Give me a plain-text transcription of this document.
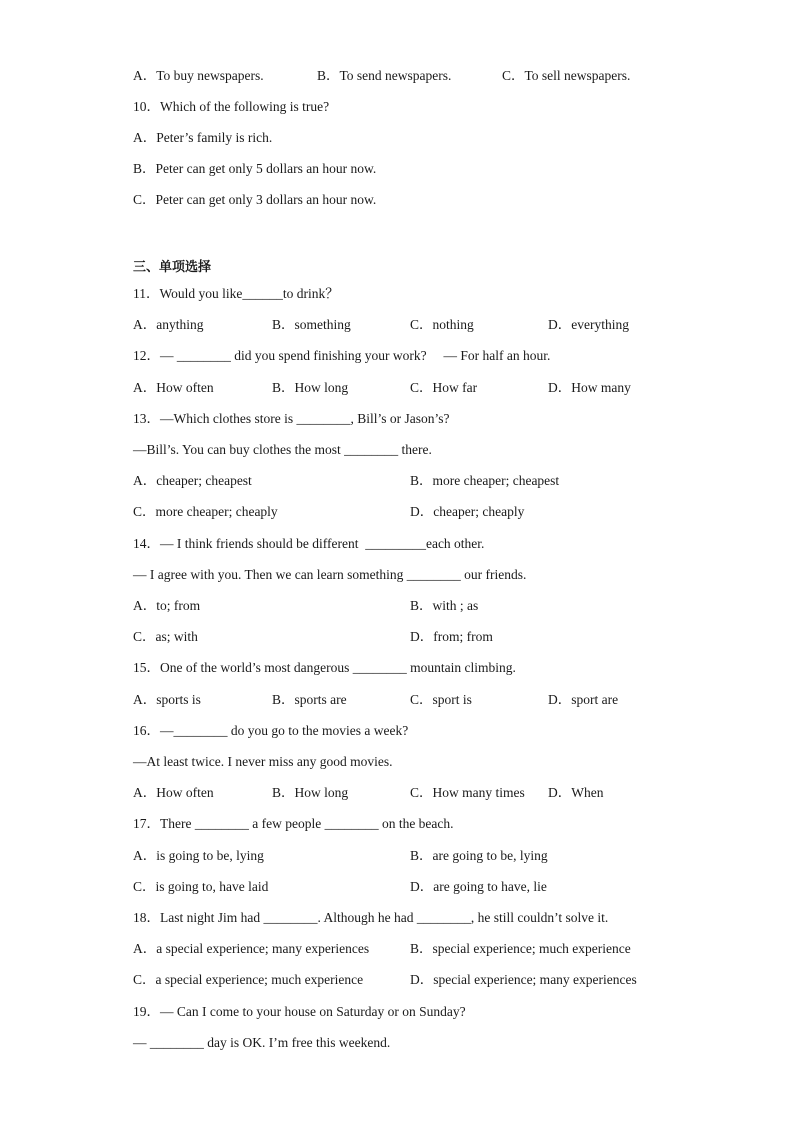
A．To buy newspapers.	B．To send newspapers.	C．To sell newspapers.
10．Which of the following is true?
A．Peter’s family is rich.
B．Peter can get only 5 dollars an hour now.
C．Peter can get only 3 dollars an hour now.
三、单项选择
11．Would you like______to drink？
A．anything	B．something	C．nothing	D．everything
12．— ________ did you spend finishing your work?     — For half an hour.
A．How often	B．How long	C．How far	D．How many
13．—Which clothes store is ________, Bill’s or Jason’s?
—Bill’s. You can buy clothes the most ________ there.
A．cheaper; cheapest	B．more cheaper; cheapest
C．more cheaper; cheaply	D．cheaper; cheaply
14．— I think friends should be different  _________each other.
— I agree with you. Then we can learn something ________ our friends.
A．to; from	B．with ; as
C．as; with	D．from; from
15．One of the world’s most dangerous ________ mountain climbing.
A．sports is	B．sports are	C．sport is	D．sport are
16．—________ do you go to the movies a week?
—At least twice. I never miss any good movies.
A．How often	B．How long	C．How many times D．When
17．There ________ a few people ________ on the beach.
A．is going to be, lying	B．are going to be, lying
C．is going to, have laid	D．are going to have, lie
18．Last night Jim had ________. Although he had ________, he still couldn’t solve it.
A．a special experience; many experiences	B．special experience; much experience
C．a special experience; much experience	D．special experience; many experiences
19．— Can I come to your house on Saturday or on Sunday?
— ________ day is OK. I’m free this weekend.
